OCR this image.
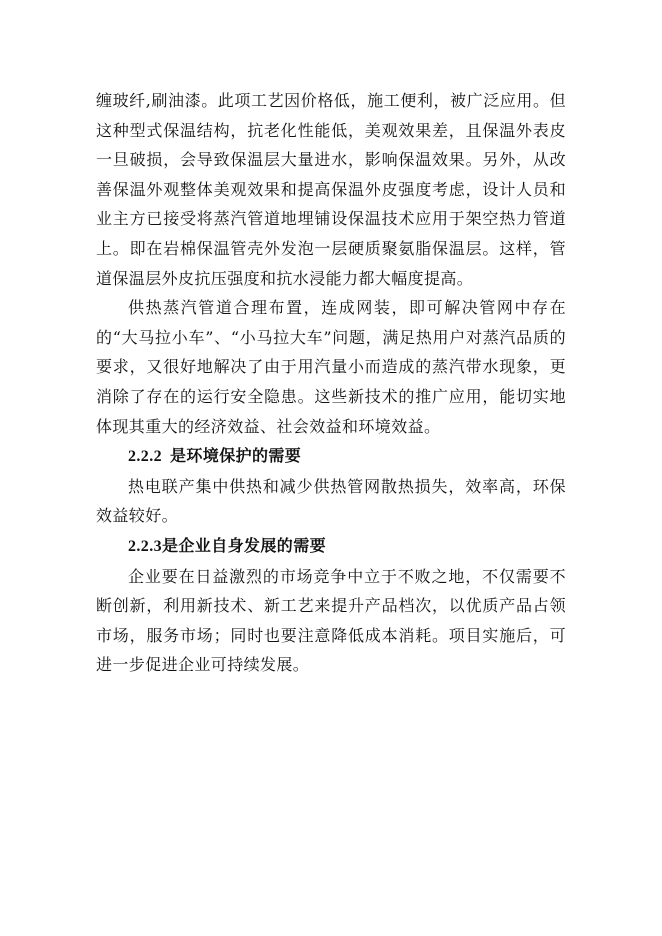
缠玻纤,刷油漆。此项工艺因价格低，施工便利，被广泛应用。但这种型式保温结构，抗老化性能低，美观效果差，且保温外表皮一旦破损，会导致保温层大量进水，影响保温效果。另外，从改善保温外观整体美观效果和提高保温外皮强度考虑，设计人员和业主方已接受将蒸汽管道地埋铺设保温技术应用于架空热力管道上。即在岩棉保温管壳外发泡一层硬质聚氨脂保温层。这样，管道保温层外皮抗压强度和抗水浸能力都大幅度提高。

供热蒸汽管道合理布置，连成网装，即可解决管网中存在的“大马拉小车”、“小马拉大车”问题，满足热用户对蒸汽品质的要求，又很好地解决了由于用汽量小而造成的蒸汽带水现象，更消除了存在的运行安全隐患。这些新技术的推广应用，能切实地体现其重大的经济效益、社会效益和环境效益。

2.2.2 是环境保护的需要

热电联产集中供热和减少供热管网散热损失，效率高，环保效益较好。

2.2.3是企业自身发展的需要

企业要在日益激烈的市场竞争中立于不败之地，不仅需要不断创新，利用新技术、新工艺来提升产品档次，以优质产品占领市场，服务市场；同时也要注意降低成本消耗。项目实施后，可进一步促进企业可持续发展。
